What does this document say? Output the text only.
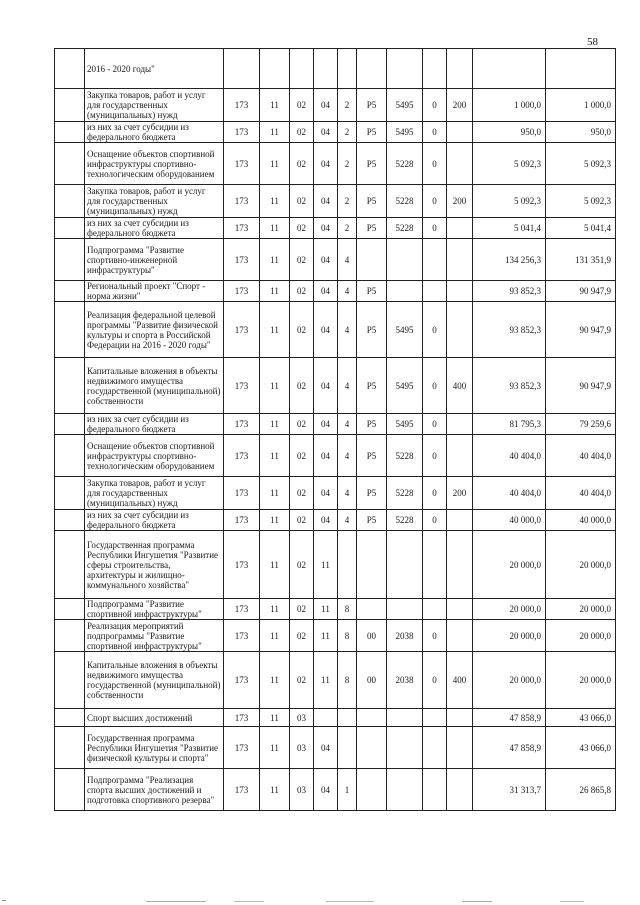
58
	2016 - 2020 годы"											
	Закупка товаров, работ и услуг для государственных (муниципальных) нужд	173	11	02	04	2	P5	5495	0	200	1 000,0	1 000,0
	из них за счет субсидии из федерального бюджета	173	11	02	04	2	P5	5495	0		950,0	950,0
	Оснащение объектов спортивной инфраструктуры спортивно-технологическим оборудованием	173	11	02	04	2	P5	5228	0		5 092,3	5 092,3
	Закупка товаров, работ и услуг для государственных (муниципальных) нужд	173	11	02	04	2	P5	5228	0	200	5 092,3	5 092,3
	из них за счет субсидии из федерального бюджета	173	11	02	04	2	P5	5228	0		5 041,4	5 041,4
	Подпрограмма "Развитие спортивно-инженерной инфраструктуры"	173	11	02	04	4					134 256,3	131 351,9
	Региональный проект "Спорт - норма жизни"	173	11	02	04	4	P5				93 852,3	90 947,9
	Реализация федеральной целевой программы "Развитие физической культуры и спорта в Российской Федерации на 2016 - 2020 годы"	173	11	02	04	4	P5	5495	0		93 852,3	90 947,9
	Капитальные вложения в объекты недвижимого имущества государственной (муниципальной) собственности	173	11	02	04	4	P5	5495	0	400	93 852,3	90 947,9
	из них за счет субсидии из федерального бюджета	173	11	02	04	4	P5	5495	0		81 795,3	79 259,6
	Оснащение объектов спортивной инфраструктуры спортивно-технологическим оборудованием	173	11	02	04	4	P5	5228	0		40 404,0	40 404,0
	Закупка товаров, работ и услуг для государственных (муниципальных) нужд	173	11	02	04	4	P5	5228	0	200	40 404,0	40 404,0
	из них за счет субсидии из федерального бюджета	173	11	02	04	4	P5	5228	0		40 000,0	40 000,0
	Государственная программа Республики Ингушетия "Развитие сферы строительства, архитектуры и жилищно-коммунального хозяйства"	173	11	02	11						20 000,0	20 000,0
	Подпрограмма "Развитие спортивной инфраструктуры"	173	11	02	11	8					20 000,0	20 000,0
	Реализация мероприятий подпрограммы "Развитие спортивной инфраструктуры"	173	11	02	11	8	00	2038	0		20 000,0	20 000,0
	Капитальные вложения в объекты недвижимого имущества государственной (муниципальной) собственности	173	11	02	11	8	00	2038	0	400	20 000,0	20 000,0
	Спорт высших достижений	173	11	03							47 858,9	43 066,0
	Государственная программа Республики Ингушетия "Развитие физической культуры и спорта"	173	11	03	04						47 858,9	43 066,0
	Подпрограмма "Реализация спорта высших достижений и подготовка спортивного резерва"	173	11	03	04	1					31 313,7	26 865,8
